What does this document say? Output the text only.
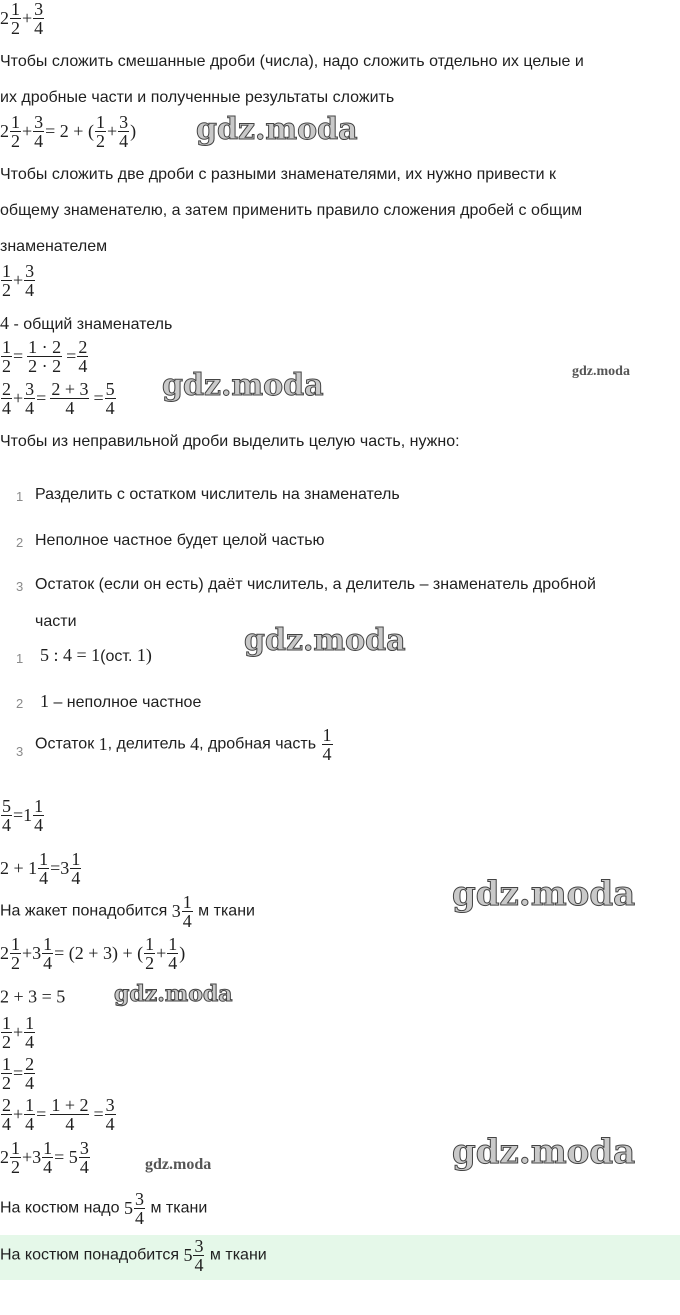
$2 \frac{1}{2} + \frac{3}{4}$
Чтобы сложить смешанные дроби (числа), надо сложить отдельно их целые и
их дробные части и полученные результаты сложить
$2 \frac{1}{2} + \frac{3}{4} = 2$ + ( $\frac{1}{2} + \frac{3}{4}$ ) gdz.moda
Чтобы сложить две дроби с разными знаменателями, их нужно привести к
общему знаменателю, а затем применить правило сложения дробей с общим
знаменателем
$\frac{1}{2} + \frac{3}{4}$
4 - общий знаменатель
$\frac{1}{2} = \frac{1 \cdot 2}{2 \cdot 2} = \frac{2}{4}$	gdz.moda
$\frac{2}{4} + \frac{3}{4} = \frac{2 + 3}{4} = \frac{5}{4}$ gdz.moda
Чтобы из неправильной дроби выделить целую часть, нужно:
1 Разделить с остатком числитель на знаменатель
2 Неполное частное будет целой частью
3 Остаток (если он есть) даёт числитель, а делитель – знаменатель дробной
части
1 5 : 4 = 1(ост. 1)	gdz.moda
2 1 – неполное частное
3 Остаток 1, делитель 4, дробная часть $\frac{1}{4}$
$\frac{5}{4} =1 \frac{1}{4}$
$2 + 1 \frac{1}{4} =3 \frac{1}{4}$
gdz.moda
На жакет понадобится $3 \frac{1}{4}$ м ткани
$2 \frac{1}{2} +3 \frac{1}{4} = (2 + 3)$ + ( $\frac{1}{2} + \frac{1}{4}$ )
2 + 3 = 5 gdz.moda
$\frac{1}{2} + \frac{1}{4}$
$\frac{1}{2} = \frac{2}{4}$
$\frac{2}{4} + \frac{1}{4} = \frac{1 + 2}{4} = \frac{3}{4}$
gdz.moda
$2 \frac{1}{2} +3 \frac{1}{4} = 5 \frac{3}{4}$	gdz.moda
На костюм надо $5 \frac{3}{4}$ м ткани
На костюм понадобится $5 \frac{3}{4}$ м ткани
